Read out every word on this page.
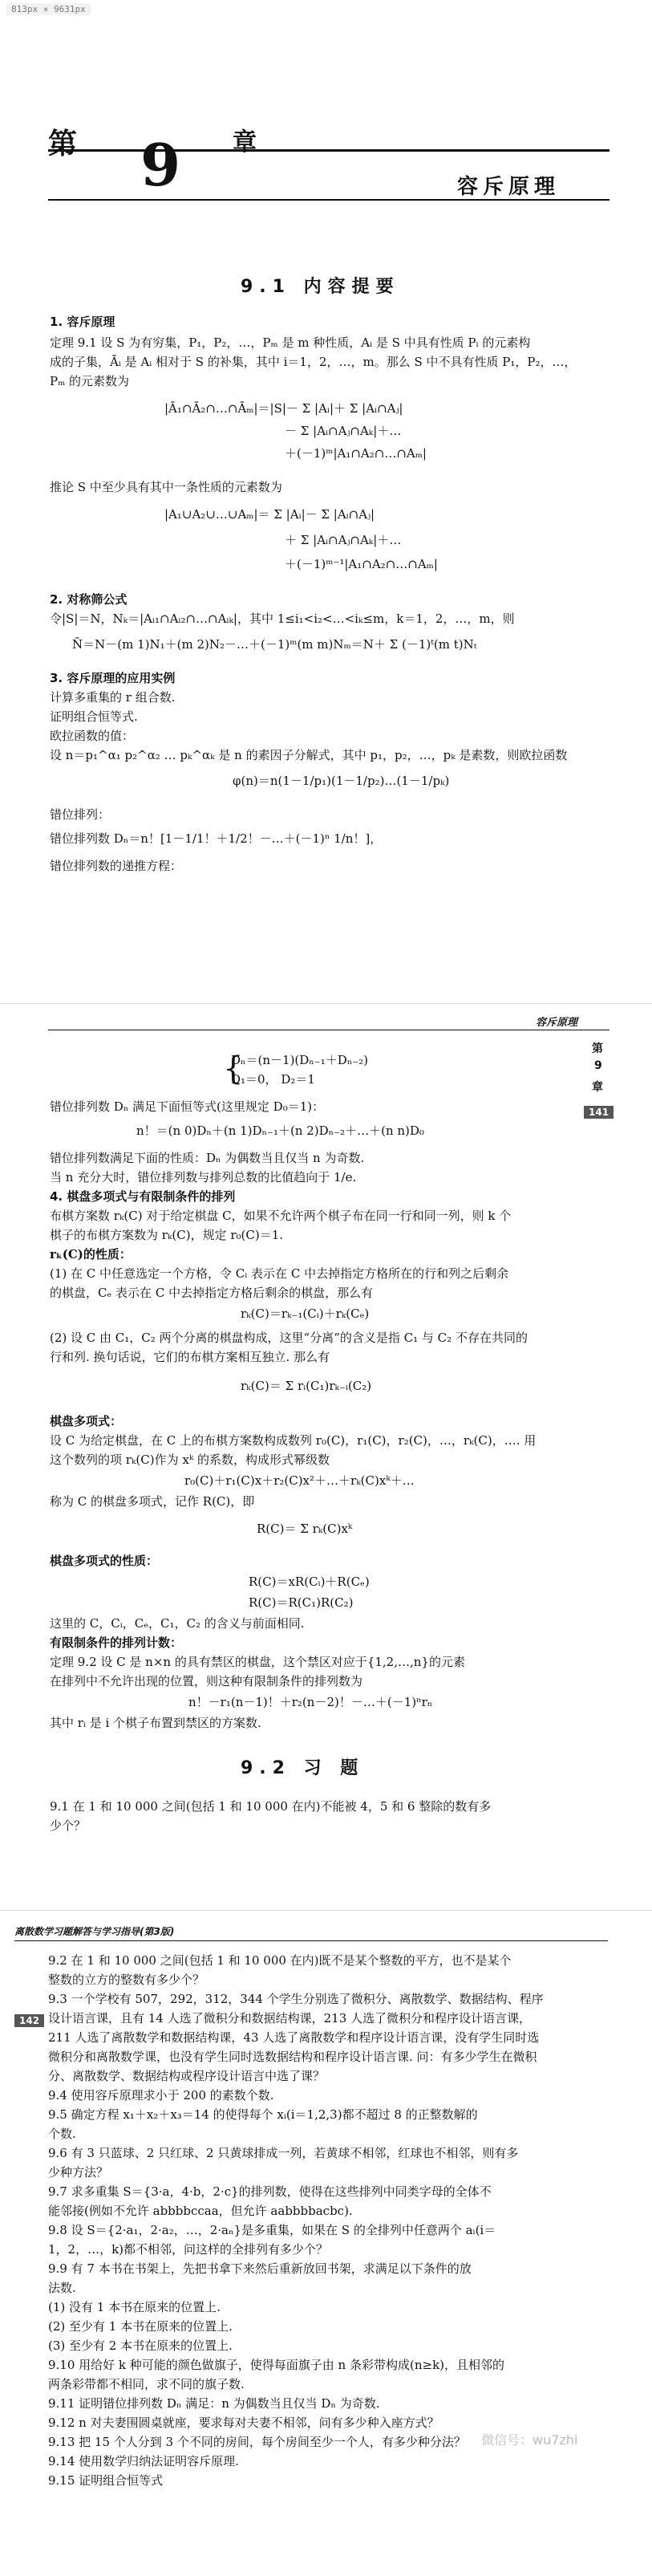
813px × 9631px
第 9 章
容斥原理
9.1 内容提要
1. 容斥原理
定理 9.1 设 S 为有穷集，P₁，P₂，…，Pₘ 是 m 种性质，Aᵢ 是 S 中具有性质 Pᵢ 的元素构
成的子集，Āᵢ 是 Aᵢ 相对于 S 的补集，其中 i＝1，2，…，m。那么 S 中不具有性质 P₁，P₂，…，
Pₘ 的元素数为
|Ā₁∩Ā₂∩…∩Āₘ|＝|S|－ Σ |Aᵢ|＋ Σ |Aᵢ∩Aⱼ|
－ Σ |Aᵢ∩Aⱼ∩Aₖ|＋…
＋(－1)ᵐ|A₁∩A₂∩…∩Aₘ|
推论 S 中至少具有其中一条性质的元素数为
|A₁∪A₂∪…∪Aₘ|＝ Σ |Aᵢ|－ Σ |Aᵢ∩Aⱼ|
＋ Σ |Aᵢ∩Aⱼ∩Aₖ|＋…
＋(－1)ᵐ⁻¹|A₁∩A₂∩…∩Aₘ|
2. 对称筛公式
令|S|＝N，Nₖ＝|Aᵢ₁∩Aᵢ₂∩…∩Aᵢₖ|，其中 1≤i₁<i₂<…<iₖ≤m，k＝1，2，…，m，则
N̄＝N－(m 1)N₁＋(m 2)N₂－…＋(－1)ᵐ(m m)Nₘ＝N＋ Σ (－1)ᵗ(m t)Nₜ
3. 容斥原理的应用实例
计算多重集的 r 组合数.
证明组合恒等式.
欧拉函数的值：
设 n＝p₁^α₁ p₂^α₂ … pₖ^αₖ 是 n 的素因子分解式，其中 p₁，p₂，…，pₖ 是素数，则欧拉函数
φ(n)＝n(1－1/p₁)(1－1/p₂)…(1－1/pₖ)
错位排列：
错位排列数 Dₙ＝n！[1－1/1！＋1/2！－…＋(－1)ⁿ 1/n！]，
错位排列数的递推方程：
容斥原理
第
9
章
141
Dₙ＝(n－1)(Dₙ₋₁＋Dₙ₋₂)
D₁＝0， D₂＝1
{
错位排列数 Dₙ 满足下面恒等式(这里规定 D₀＝1)：
n！＝(n 0)Dₙ＋(n 1)Dₙ₋₁＋(n 2)Dₙ₋₂＋…＋(n n)D₀
错位排列数满足下面的性质：Dₙ 为偶数当且仅当 n 为奇数.
当 n 充分大时，错位排列数与排列总数的比值趋向于 1/e.
4. 棋盘多项式与有限制条件的排列
布棋方案数 rₖ(C) 对于给定棋盘 C，如果不允许两个棋子布在同一行和同一列，则 k 个
棋子的布棋方案数为 rₖ(C)，规定 r₀(C)＝1.
rₖ(C)的性质：
(1) 在 C 中任意选定一个方格，令 Cᵢ 表示在 C 中去掉指定方格所在的行和列之后剩余
的棋盘，Cₑ 表示在 C 中去掉指定方格后剩余的棋盘，那么有
rₖ(C)＝rₖ₋₁(Cᵢ)＋rₖ(Cₑ)
(2) 设 C 由 C₁，C₂ 两个分离的棋盘构成，这里“分离”的含义是指 C₁ 与 C₂ 不存在共同的
行和列. 换句话说，它们的布棋方案相互独立. 那么有
rₖ(C)＝ Σ rᵢ(C₁)rₖ₋ᵢ(C₂)
棋盘多项式：
设 C 为给定棋盘，在 C 上的布棋方案数构成数列 r₀(C)，r₁(C)，r₂(C)，…，rₖ(C)，…. 用
这个数列的项 rₖ(C)作为 xᵏ 的系数，构成形式幂级数
r₀(C)＋r₁(C)x＋r₂(C)x²＋…＋rₖ(C)xᵏ＋…
称为 C 的棋盘多项式，记作 R(C)，即
R(C)＝ Σ rₖ(C)xᵏ
棋盘多项式的性质：
R(C)＝xR(Cᵢ)＋R(Cₑ)
R(C)＝R(C₁)R(C₂)
这里的 C，Cᵢ，Cₑ，C₁，C₂ 的含义与前面相同.
有限制条件的排列计数：
定理 9.2 设 C 是 n×n 的具有禁区的棋盘，这个禁区对应于{1,2,…,n}的元素
在排列中不允许出现的位置，则这种有限制条件的排列数为
n！－r₁(n－1)！＋r₂(n－2)！－…＋(－1)ⁿrₙ
其中 rᵢ 是 i 个棋子布置到禁区的方案数.
9.2 习 题
9.1 在 1 和 10 000 之间(包括 1 和 10 000 在内)不能被 4，5 和 6 整除的数有多
少个？
离散数学习题解答与学习指导(第3版)
142
9.2 在 1 和 10 000 之间(包括 1 和 10 000 在内)既不是某个整数的平方，也不是某个
整数的立方的整数有多少个？
9.3 一个学校有 507，292，312，344 个学生分别选了微积分、离散数学、数据结构、程序
设计语言课，且有 14 人选了微积分和数据结构课，213 人选了微积分和程序设计语言课，
211 人选了离散数学和数据结构课，43 人选了离散数学和程序设计语言课，没有学生同时选
微积分和离散数学课，也没有学生同时选数据结构和程序设计语言课. 问：有多少学生在微积
分、离散数学、数据结构或程序设计语言中选了课？
9.4 使用容斥原理求小于 200 的素数个数.
9.5 确定方程 x₁＋x₂＋x₃＝14 的使得每个 xᵢ(i＝1,2,3)都不超过 8 的正整数解的
个数.
9.6 有 3 只蓝球、2 只红球、2 只黄球排成一列，若黄球不相邻，红球也不相邻，则有多
少种方法？
9.7 求多重集 S＝{3·a，4·b，2·c}的排列数，使得在这些排列中同类字母的全体不
能邻接(例如不允许 abbbbccaa，但允许 aabbbbacbc).
9.8 设 S＝{2·a₁，2·a₂，…，2·aₙ}是多重集，如果在 S 的全排列中任意两个 aᵢ(i＝
1，2，…，k)都不相邻，问这样的全排列有多少个？
9.9 有 7 本书在书架上，先把书拿下来然后重新放回书架，求满足以下条件的放
法数.
(1) 没有 1 本书在原来的位置上.
(2) 至少有 1 本书在原来的位置上.
(3) 至少有 2 本书在原来的位置上.
9.10 用给好 k 种可能的颜色做旗子，使得每面旗子由 n 条彩带构成(n≥k)，且相邻的
两条彩带都不相同，求不同的旗子数.
9.11 证明错位排列数 Dₙ 满足：n 为偶数当且仅当 Dₙ 为奇数.
9.12 n 对夫妻围圆桌就座，要求每对夫妻不相邻，问有多少种入座方式？
9.13 把 15 个人分到 3 个不同的房间，每个房间至少一个人，有多少种分法？
9.14 使用数学归纳法证明容斥原理.
9.15 证明组合恒等式
微信号：wu7zhi
